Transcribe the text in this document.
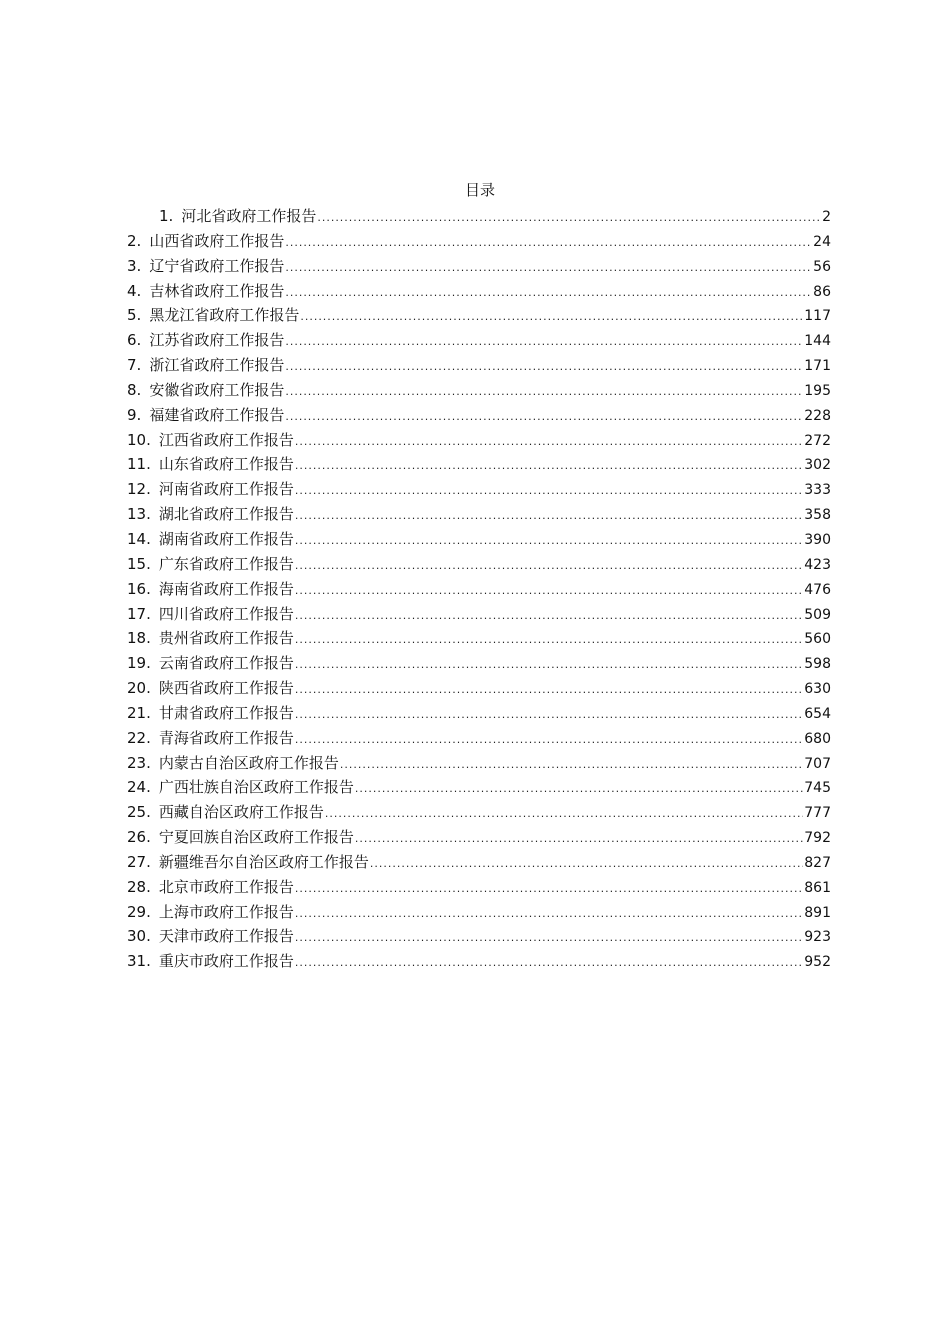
目录
1. 河北省政府工作报告 .....	2
2. 山西省政府工作报告 .....	24
3. 辽宁省政府工作报告 .....	56
4. 吉林省政府工作报告 .....	86
5. 黑龙江省政府工作报告 .....	117
6. 江苏省政府工作报告 .....	144
7. 浙江省政府工作报告 .....	171
8. 安徽省政府工作报告 .....	195
9. 福建省政府工作报告 .....	228
10. 江西省政府工作报告 .....	272
11. 山东省政府工作报告 .....	302
12. 河南省政府工作报告 .....	333
13. 湖北省政府工作报告 .....	358
14. 湖南省政府工作报告 .....	390
15. 广东省政府工作报告 .....	423
16. 海南省政府工作报告 .....	476
17. 四川省政府工作报告 .....	509
18. 贵州省政府工作报告 .....	560
19. 云南省政府工作报告 .....	598
20. 陕西省政府工作报告 .....	630
21. 甘肃省政府工作报告 .....	654
22. 青海省政府工作报告 .....	680
23. 内蒙古自治区政府工作报告 .....	707
24. 广西壮族自治区政府工作报告 .....	745
25. 西藏自治区政府工作报告 .....	777
26. 宁夏回族自治区政府工作报告 .....	792
27. 新疆维吾尔自治区政府工作报告 .....	827
28. 北京市政府工作报告 .....	861
29. 上海市政府工作报告 .....	891
30. 天津市政府工作报告 .....	923
31. 重庆市政府工作报告 .....	952
